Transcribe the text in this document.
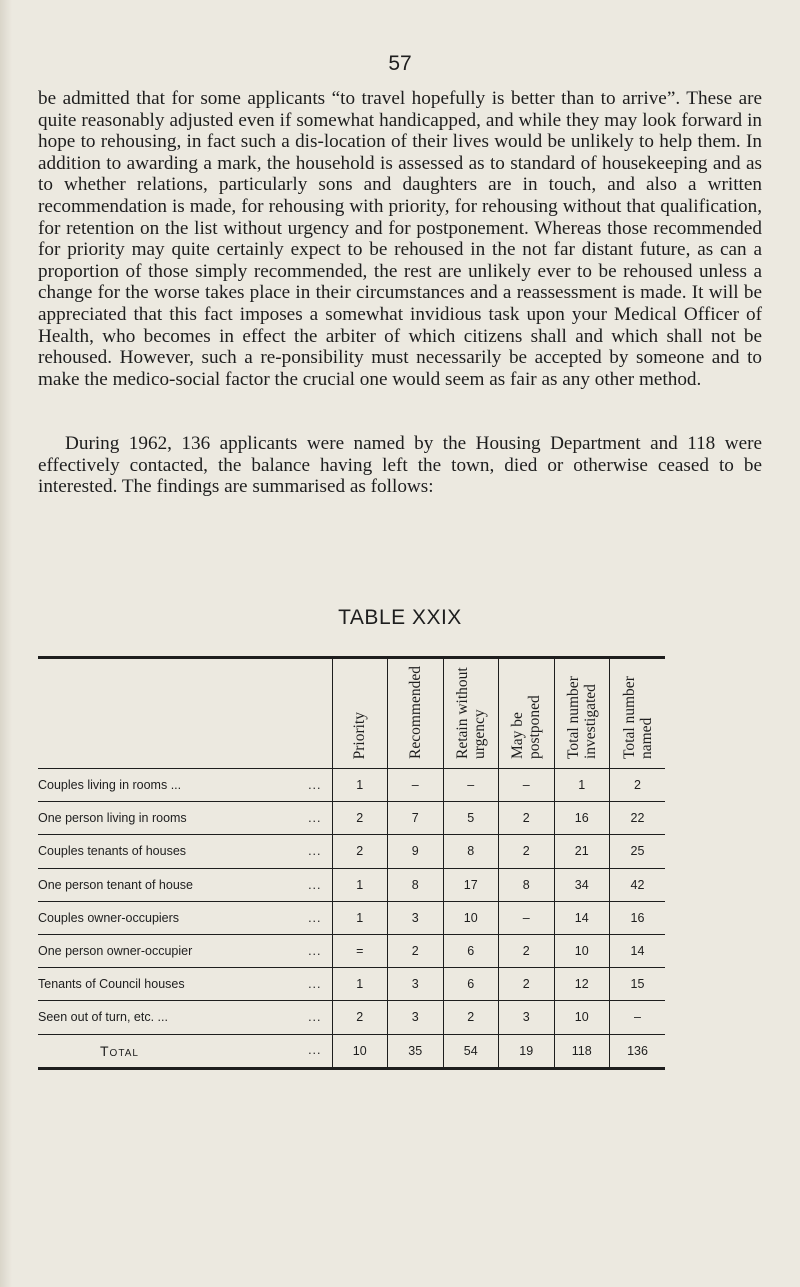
57

be admitted that for some applicants “to travel hopefully is better than to arrive”. These are quite reasonably adjusted even if somewhat handicapped, and while they may look forward in hope to rehousing, in fact such a dis-location of their lives would be unlikely to help them. In addition to awarding a mark, the household is assessed as to standard of housekeeping and as to whether relations, particularly sons and daughters are in touch, and also a written recommendation is made, for rehousing with priority, for rehousing without that qualification, for retention on the list without urgency and for postponement. Whereas those recommended for priority may quite certainly expect to be rehoused in the not far distant future, as can a proportion of those simply recommended, the rest are unlikely ever to be rehoused unless a change for the worse takes place in their circumstances and a reassessment is made. It will be appreciated that this fact imposes a somewhat invidious task upon your Medical Officer of Health, who becomes in effect the arbiter of which citizens shall and which shall not be rehoused. However, such a re-ponsibility must necessarily be accepted by someone and to make the medico-social factor the crucial one would seem as fair as any other method.

During 1962, 136 applicants were named by the Housing Department and 118 were effectively contacted, the balance having left the town, died or otherwise ceased to be interested. The findings are summarised as follows:

TABLE XXIX
	Priority	Recommended	Retain without urgency	May be postponed	Total number investigated	Total number named
Couples living in rooms ... ...	1	–	–	–	1	2
One person living in rooms ...	2	7	5	2	16	22
Couples tenants of houses ...	2	9	8	2	21	25
One person tenant of house ...	1	8	17	8	34	42
Couples owner-occupiers ...	1	3	10	–	14	16
One person owner-occupier ...	=	2	6	2	10	14
Tenants of Council houses ...	1	3	6	2	12	15
Seen out of turn, etc. ... ...	2	3	2	3	10	–
Total ...	10	35	54	19	118	136
